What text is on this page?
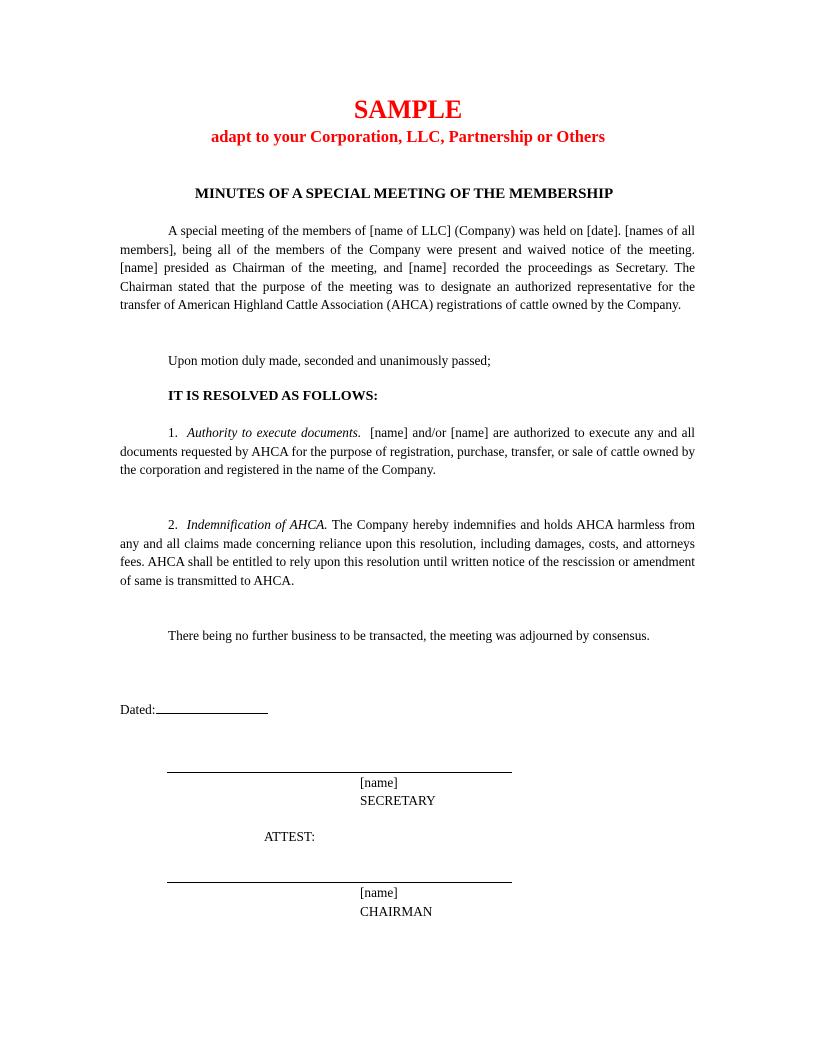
SAMPLE
adapt to your Corporation, LLC, Partnership or Others
MINUTES OF A SPECIAL MEETING OF THE MEMBERSHIP

A special meeting of the members of [name of LLC] (Company) was held on [date]. [names of all members], being all of the members of the Company were present and waived notice of the meeting. [name] presided as Chairman of the meeting, and [name] recorded the proceedings as Secretary. The Chairman stated that the purpose of the meeting was to designate an authorized representative for the transfer of American Highland Cattle Association (AHCA) registrations of cattle owned by the Company.

Upon motion duly made, seconded and unanimously passed;

IT IS RESOLVED AS FOLLOWS:

1. Authority to execute documents. [name] and/or [name] are authorized to execute any and all documents requested by AHCA for the purpose of registration, purchase, transfer, or sale of cattle owned by the corporation and registered in the name of the Company.

2. Indemnification of AHCA. The Company hereby indemnifies and holds AHCA harmless from any and all claims made concerning reliance upon this resolution, including damages, costs, and attorneys fees. AHCA shall be entitled to rely upon this resolution until written notice of the rescission or amendment of same is transmitted to AHCA.

There being no further business to be transacted, the meeting was adjourned by consensus.

Dated:
[name]
SECRETARY
ATTEST:
[name]
CHAIRMAN
